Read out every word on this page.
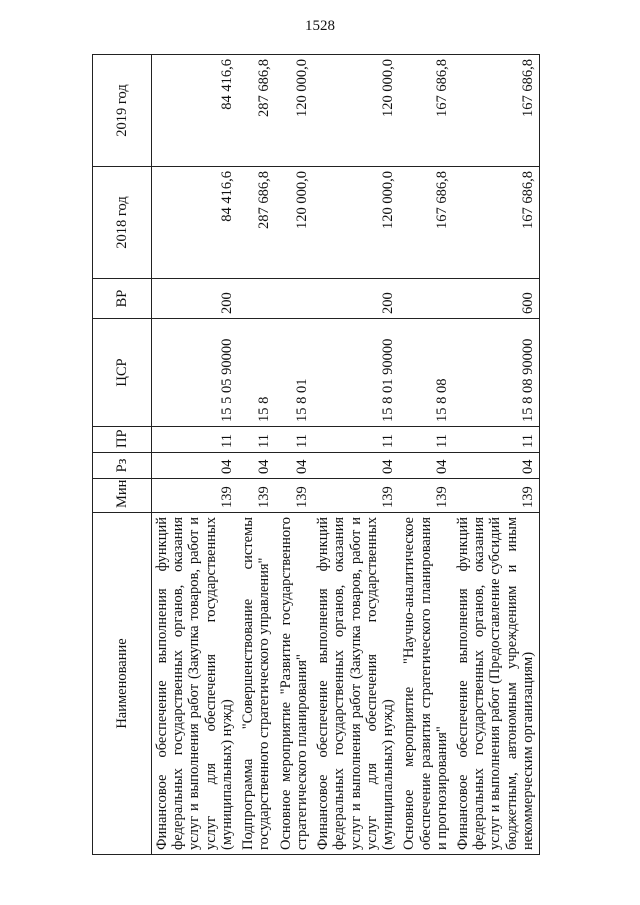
1528
Наименование	Мин	Рз	ПР	ЦСР	ВР	2018 год	2019 год
Финансовое обеспечение выполнения функций федеральных государственных органов, оказания услуг и выполнения работ (Закупка товаров, работ и услуг для обеспечения государственных (муниципальных) нужд)	139	04	11	15 5 05 90000	200	84 416,6	84 416,6
Подпрограмма "Совершенствование системы государственного стратегического управления"	139	04	11	15 8		287 686,8	287 686,8
Основное мероприятие "Развитие государственного стратегического планирования"	139	04	11	15 8 01		120 000,0	120 000,0
Финансовое обеспечение выполнения функций федеральных государственных органов, оказания услуг и выполнения работ (Закупка товаров, работ и услуг для обеспечения государственных (муниципальных) нужд)	139	04	11	15 8 01 90000	200	120 000,0	120 000,0
Основное мероприятие "Научно-аналитическое обеспечение развития стратегического планирования и прогнозирования"	139	04	11	15 8 08		167 686,8	167 686,8
Финансовое обеспечение выполнения функций федеральных государственных органов, оказания услуг и выполнения работ (Предоставление субсидий бюджетным, автономным учреждениям и иным некоммерческим организациям)	139	04	11	15 8 08 90000	600	167 686,8	167 686,8
